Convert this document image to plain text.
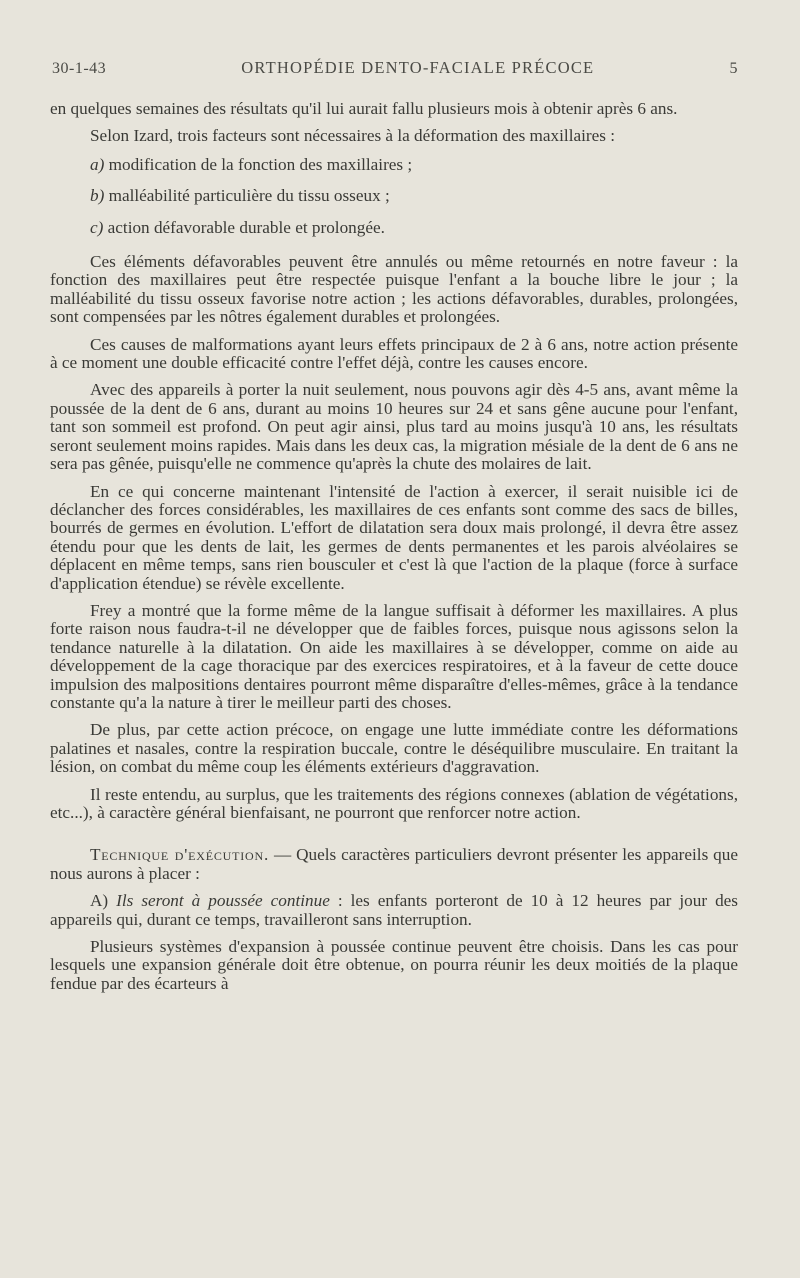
30-1-43	ORTHOPÉDIE DENTO-FACIALE PRÉCOCE	5

en quelques semaines des résultats qu'il lui aurait fallu plusieurs mois à obtenir après 6 ans.

Selon Izard, trois facteurs sont nécessaires à la déformation des maxillaires :

a) modification de la fonction des maxillaires ;

b) malléabilité particulière du tissu osseux ;

c) action défavorable durable et prolongée.

Ces éléments défavorables peuvent être annulés ou même retournés en notre faveur : la fonction des maxillaires peut être respectée puisque l'enfant a la bouche libre le jour ; la malléabilité du tissu osseux favorise notre action ; les actions défavorables, durables, prolongées, sont compensées par les nôtres également durables et prolongées.

Ces causes de malformations ayant leurs effets principaux de 2 à 6 ans, notre action présente à ce moment une double efficacité contre l'effet déjà, contre les causes encore.

Avec des appareils à porter la nuit seulement, nous pouvons agir dès 4-5 ans, avant même la poussée de la dent de 6 ans, durant au moins 10 heures sur 24 et sans gêne aucune pour l'enfant, tant son sommeil est profond. On peut agir ainsi, plus tard au moins jusqu'à 10 ans, les résultats seront seulement moins rapides. Mais dans les deux cas, la migration mésiale de la dent de 6 ans ne sera pas gênée, puisqu'elle ne commence qu'après la chute des molaires de lait.

En ce qui concerne maintenant l'intensité de l'action à exercer, il serait nuisible ici de déclancher des forces considérables, les maxillaires de ces enfants sont comme des sacs de billes, bourrés de germes en évolution. L'effort de dilatation sera doux mais prolongé, il devra être assez étendu pour que les dents de lait, les germes de dents permanentes et les parois alvéolaires se déplacent en même temps, sans rien bousculer et c'est là que l'action de la plaque (force à surface d'application étendue) se révèle excellente.

Frey a montré que la forme même de la langue suffisait à déformer les maxillaires. A plus forte raison nous faudra-t-il ne développer que de faibles forces, puisque nous agissons selon la tendance naturelle à la dilatation. On aide les maxillaires à se développer, comme on aide au développement de la cage thoracique par des exercices respiratoires, et à la faveur de cette douce impulsion des malpositions dentaires pourront même disparaître d'elles-mêmes, grâce à la tendance constante qu'a la nature à tirer le meilleur parti des choses.

De plus, par cette action précoce, on engage une lutte immédiate contre les déformations palatines et nasales, contre la respiration buccale, contre le déséquilibre musculaire. En traitant la lésion, on combat du même coup les éléments extérieurs d'aggravation.

Il reste entendu, au surplus, que les traitements des régions connexes (ablation de végétations, etc...), à caractère général bienfaisant, ne pourront que renforcer notre action.

Technique d'exécution. — Quels caractères particuliers devront présenter les appareils que nous aurons à placer :

A) Ils seront à poussée continue : les enfants porteront de 10 à 12 heures par jour des appareils qui, durant ce temps, travailleront sans interruption.

Plusieurs systèmes d'expansion à poussée continue peuvent être choisis. Dans les cas pour lesquels une expansion générale doit être obtenue, on pourra réunir les deux moitiés de la plaque fendue par des écarteurs à
